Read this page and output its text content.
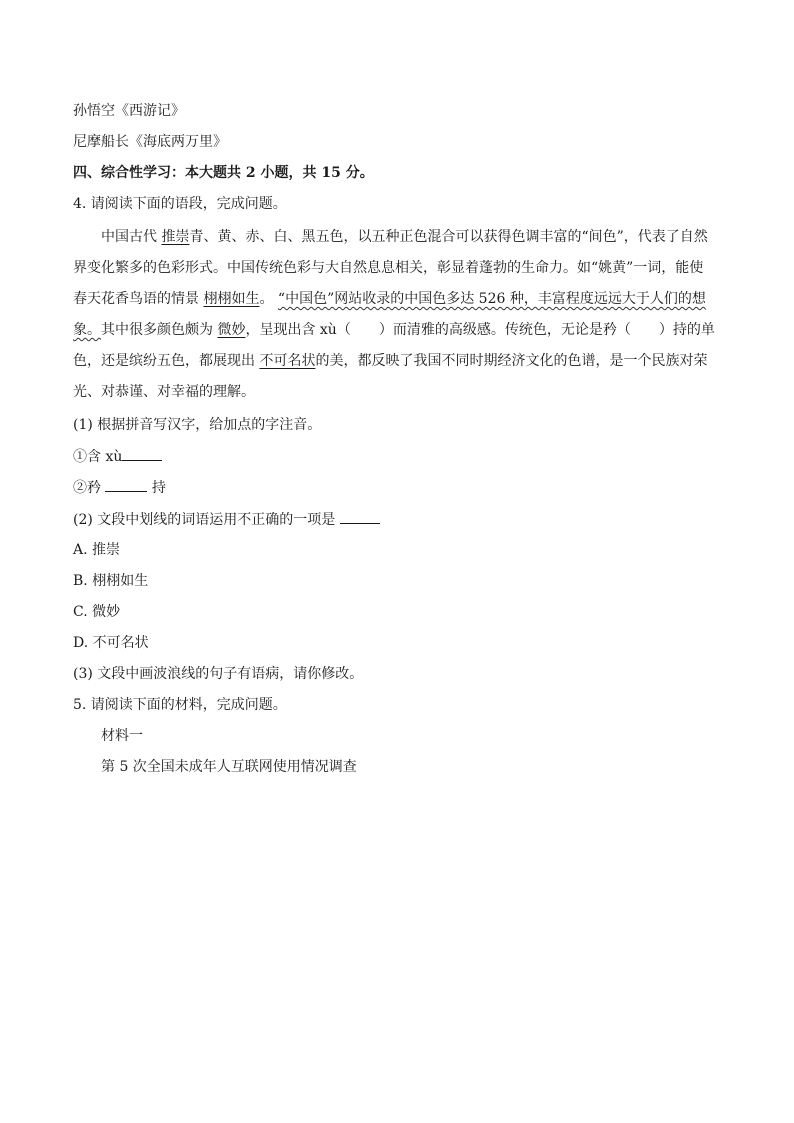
孙悟空《西游记》
尼摩船长《海底两万里》
四、综合性学习：本大题共 2 小题，共 15 分。
4. 请阅读下面的语段，完成问题。
中国古代 推崇青、黄、赤、白、黑五色，以五种正色混合可以获得色调丰富的“间色”，代表了自然
界变化繁多的色彩形式。中国传统色彩与大自然息息相关，彰显着蓬勃的生命力。如“姚黄”一词，能使
春天花香鸟语的情景 栩栩如生。 “中国色”网站收录的中国色多达 526 种，丰富程度远远大于人们的想
象。其中很多颜色颇为 微妙，呈现出含 xù（ ）而清雅的高级感。传统色，无论是矜（ ）持的单
色，还是缤纷五色，都展现出 不可名状的美，都反映了我国不同时期经济文化的色谱，是一个民族对荣
光、对恭谨、对幸福的理解。
(1) 根据拼音写汉字，给加点的字注音。
①含 xù
②矜	持
(2) 文段中划线的词语运用不正确的一项是
A. 推崇
B. 栩栩如生
C. 微妙
D. 不可名状
(3) 文段中画波浪线的句子有语病，请你修改。
5. 请阅读下面的材料，完成问题。
材料一
第 5 次全国未成年人互联网使用情况调查
